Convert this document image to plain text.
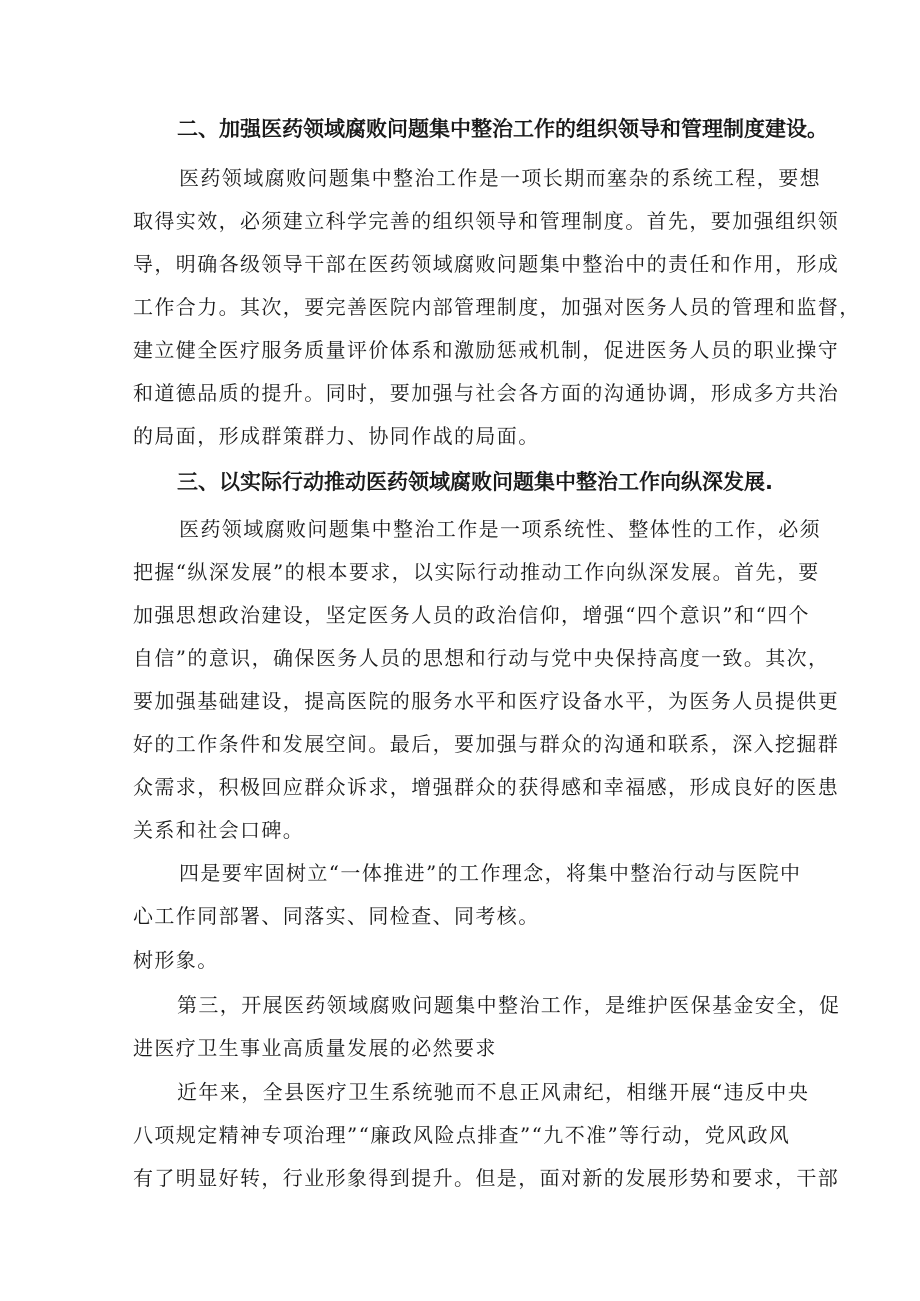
二、加强医药领域腐败问题集中整治工作的组织领导和管理制度建设。
医药领域腐败问题集中整治工作是一项长期而塞杂的系统工程，要想
取得实效，必须建立科学完善的组织领导和管理制度。首先，要加强组织领
导，明确各级领导干部在医药领域腐败问题集中整治中的责任和作用，形成
工作合力。其次，要完善医院内部管理制度，加强对医务人员的管理和监督，
建立健全医疗服务质量评价体系和激励惩戒机制，促进医务人员的职业操守
和道德品质的提升。同时，要加强与社会各方面的沟通协调，形成多方共治
的局面，形成群策群力、协同作战的局面。
三、以实际行动推动医药领域腐败问题集中整治工作向纵深发展.
医药领域腐败问题集中整治工作是一项系统性、整体性的工作，必须
把握“纵深发展”的根本要求，以实际行动推动工作向纵深发展。首先，要
加强思想政治建设，坚定医务人员的政治信仰，增强“四个意识”和“四个
自信”的意识，确保医务人员的思想和行动与党中央保持高度一致。其次，
要加强基础建设，提高医院的服务水平和医疗设备水平，为医务人员提供更
好的工作条件和发展空间。最后，要加强与群众的沟通和联系，深入挖掘群
众需求，积极回应群众诉求，增强群众的获得感和幸福感，形成良好的医患
关系和社会口碑。
四是要牢固树立“一体推进”的工作理念，将集中整治行动与医院中
心工作同部署、同落实、同检查、同考核。
树形象。
第三，开展医药领域腐败问题集中整治工作，是维护医保基金安全，促
进医疗卫生事业高质量发展的必然要求
近年来，全县医疗卫生系统驰而不息正风肃纪，相继开展“违反中央
八项规定精神专项治理”“廉政风险点排查”“九不准”等行动，党风政风
有了明显好转，行业形象得到提升。但是，面对新的发展形势和要求，干部
